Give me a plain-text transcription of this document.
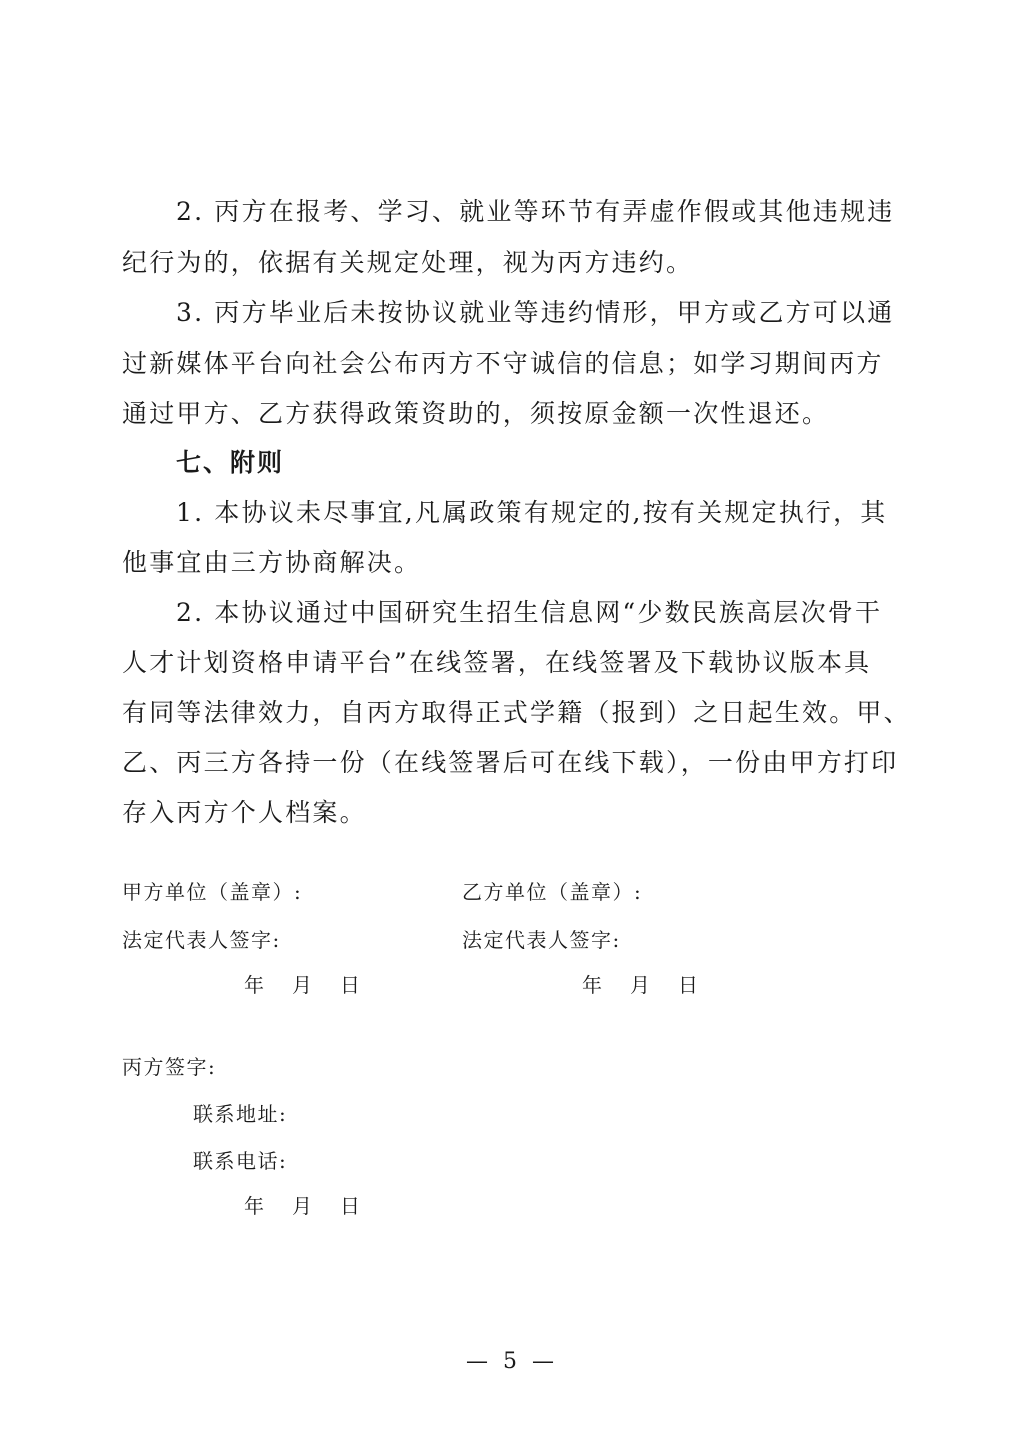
2. 丙方在报考、学习、就业等环节有弄虚作假或其他违规违
纪行为的，依据有关规定处理，视为丙方违约。
3. 丙方毕业后未按协议就业等违约情形，甲方或乙方可以通
过新媒体平台向社会公布丙方不守诚信的信息；如学习期间丙方
通过甲方、乙方获得政策资助的，须按原金额一次性退还。
七、附则
1. 本协议未尽事宜,凡属政策有规定的,按有关规定执行，其
他事宜由三方协商解决。
2. 本协议通过中国研究生招生信息网“少数民族高层次骨干
人才计划资格申请平台”在线签署，在线签署及下载协议版本具
有同等法律效力，自丙方取得正式学籍（报到）之日起生效。甲、
乙、丙三方各持一份（在线签署后可在线下载），一份由甲方打印
存入丙方个人档案。
甲方单位（盖章）:
法定代表人签字:
年 月 日
乙方单位（盖章）:
法定代表人签字:
年 月 日
丙方签字:
联系地址:
联系电话:
年 月 日
— 5 —
